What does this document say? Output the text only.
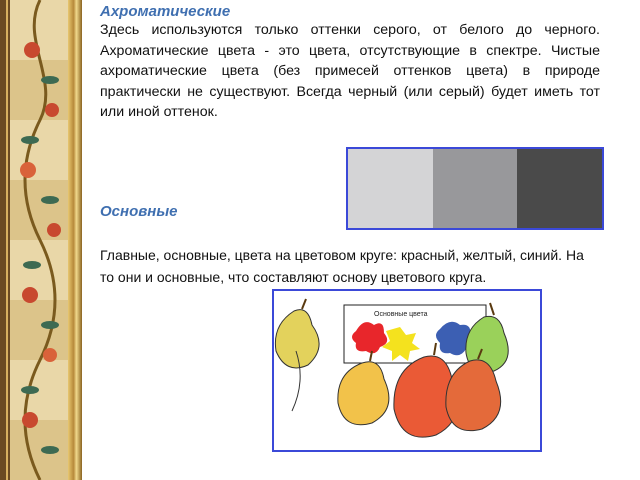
Ахроматические
Здесь используются только оттенки серого, от белого до черного. Ахроматические цвета - это цвета, отсутствующие в спектре. Чистые ахроматические цвета (без примесей оттенков цвета) в природе практически не существуют. Всегда черный (или серый) будет иметь тот или иной оттенок.
Основные
Главные, основные, цвета на цветовом круге: красный, желтый, синий. На то они и основные, что составляют основу цветового круга.
Основные цвета
